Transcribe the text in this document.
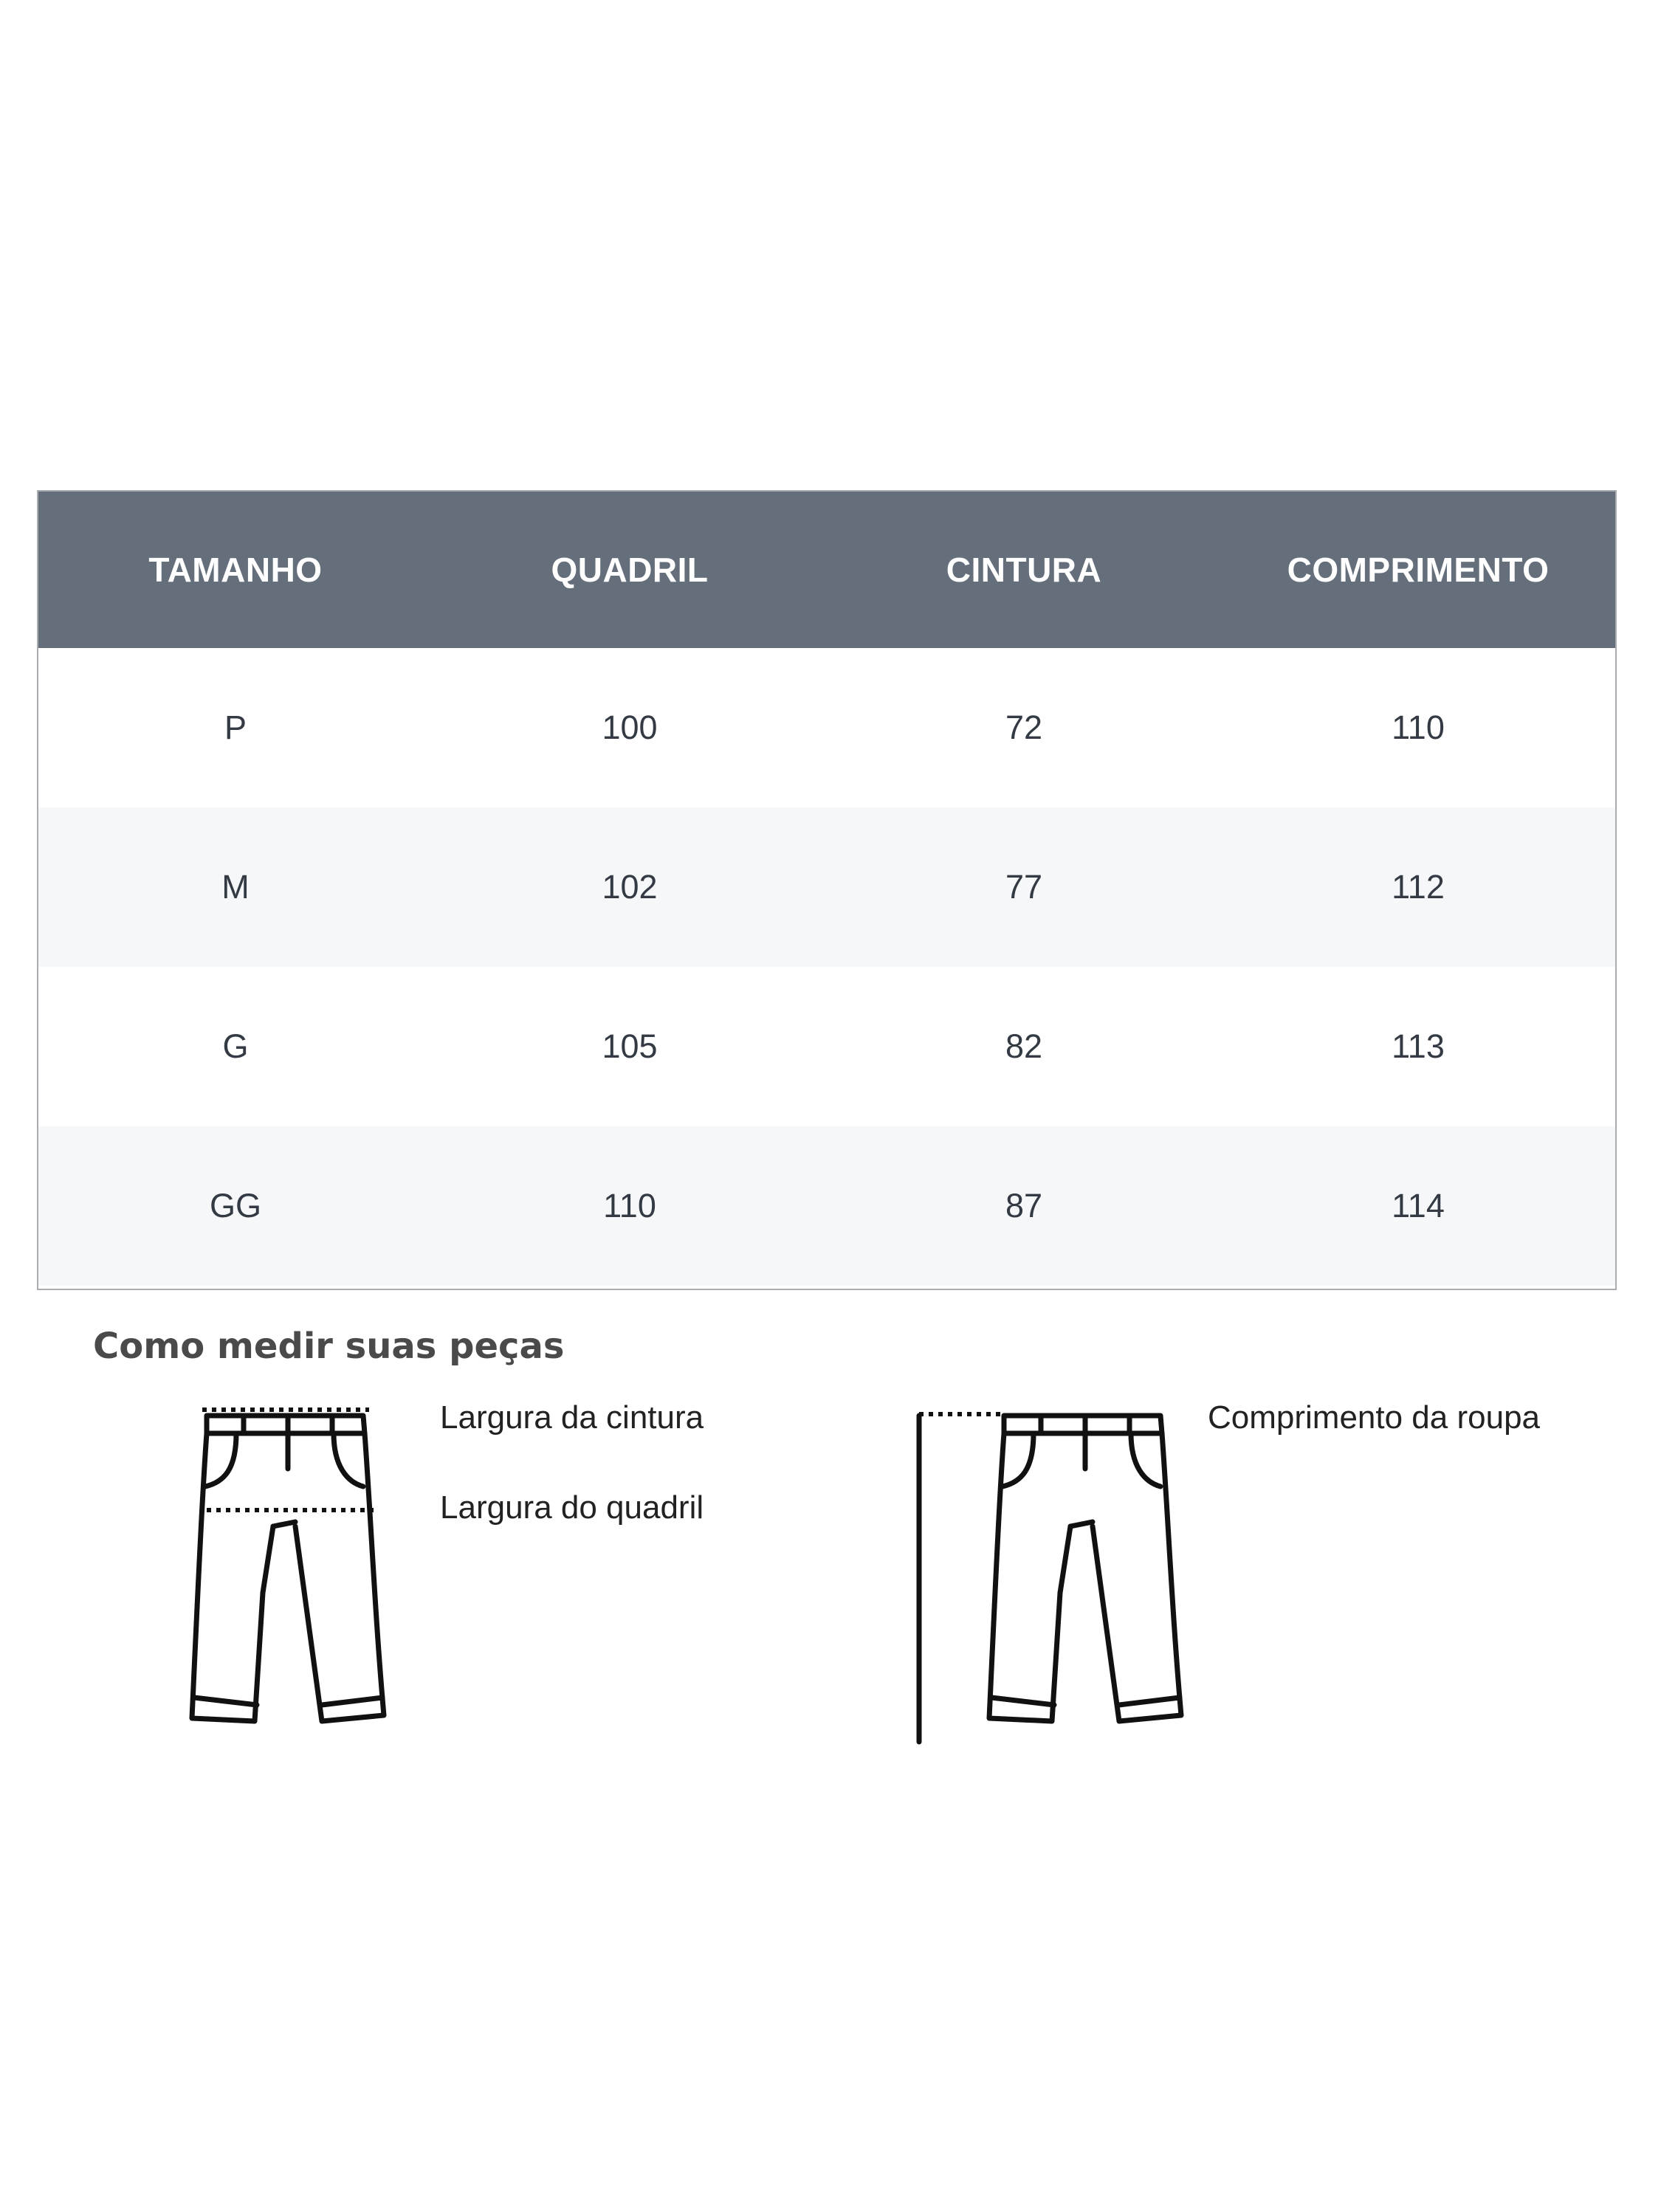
TAMANHO	QUADRIL	CINTURA	COMPRIMENTO
P	100	72	110
M	102	77	112
G	105	82	113
GG	110	87	114
Como medir suas peças
Largura da cintura
Largura do quadril
Comprimento da roupa
